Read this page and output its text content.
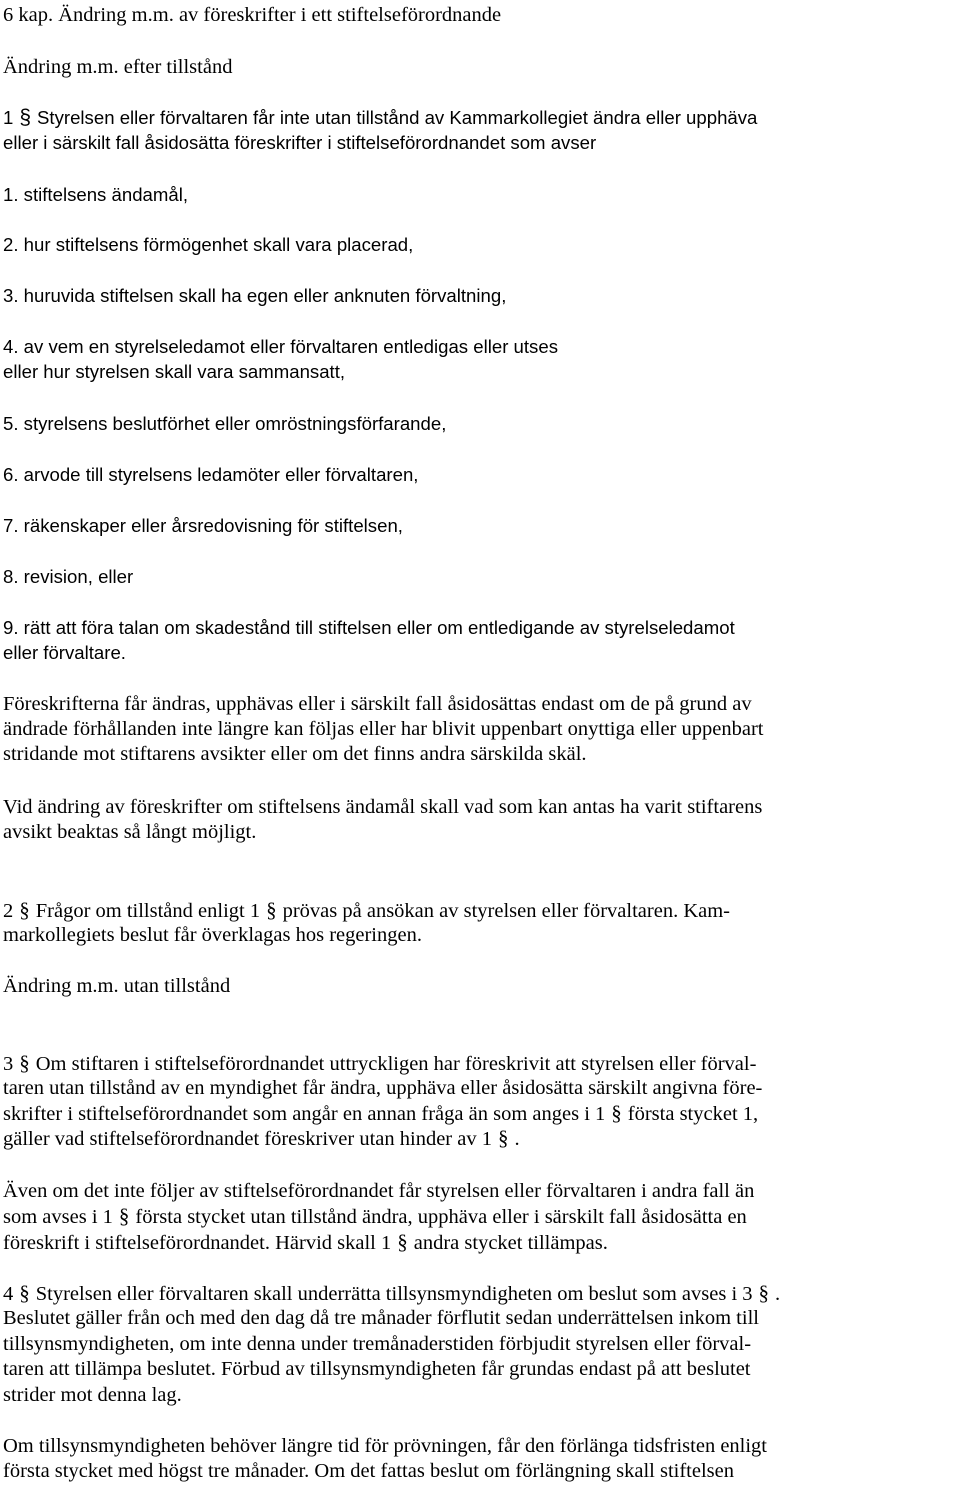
6 kap. Ändring m.m. av föreskrifter i ett stiftelseförordnande
Ändring m.m. efter tillstånd
1 § Styrelsen eller förvaltaren får inte utan tillstånd av Kammarkollegiet ändra eller upphäva
eller i särskilt fall åsidosätta föreskrifter i stiftelseförordnandet som avser
1. stiftelsens ändamål,
2. hur stiftelsens förmögenhet skall vara placerad,
3. huruvida stiftelsen skall ha egen eller anknuten förvaltning,
4. av vem en styrelseledamot eller förvaltaren entledigas eller utses
eller hur styrelsen skall vara sammansatt,
5. styrelsens beslutförhet eller omröstningsförfarande,
6. arvode till styrelsens ledamöter eller förvaltaren,
7. räkenskaper eller årsredovisning för stiftelsen,
8. revision, eller
9. rätt att föra talan om skadestånd till stiftelsen eller om entledigande av styrelseledamot
eller förvaltare.
Föreskrifterna får ändras, upphävas eller i särskilt fall åsidosättas endast om de på grund av
ändrade förhållanden inte längre kan följas eller har blivit uppenbart onyttiga eller uppenbart
stridande mot stiftarens avsikter eller om det finns andra särskilda skäl.
Vid ändring av föreskrifter om stiftelsens ändamål skall vad som kan antas ha varit stiftarens
avsikt beaktas så långt möjligt.
2 § Frågor om tillstånd enligt 1 § prövas på ansökan av styrelsen eller förvaltaren. Kam-
markollegiets beslut får överklagas hos regeringen.
Ändring m.m. utan tillstånd
3 § Om stiftaren i stiftelseförordnandet uttryckligen har föreskrivit att styrelsen eller förval-
taren utan tillstånd av en myndighet får ändra, upphäva eller åsidosätta särskilt angivna före-
skrifter i stiftelseförordnandet som angår en annan fråga än som anges i 1 § första stycket 1,
gäller vad stiftelseförordnandet föreskriver utan hinder av 1 § .
Även om det inte följer av stiftelseförordnandet får styrelsen eller förvaltaren i andra fall än
som avses i 1 § första stycket utan tillstånd ändra, upphäva eller i särskilt fall åsidosätta en
föreskrift i stiftelseförordnandet. Härvid skall 1 § andra stycket tillämpas.
4 § Styrelsen eller förvaltaren skall underrätta tillsynsmyndigheten om beslut som avses i 3 § .
Beslutet gäller från och med den dag då tre månader förflutit sedan underrättelsen inkom till
tillsynsmyndigheten, om inte denna under tremånaderstiden förbjudit styrelsen eller förval-
taren att tillämpa beslutet. Förbud av tillsynsmyndigheten får grundas endast på att beslutet
strider mot denna lag.
Om tillsynsmyndigheten behöver längre tid för prövningen, får den förlänga tidsfristen enligt
första stycket med högst tre månader. Om det fattas beslut om förlängning skall stiftelsen
